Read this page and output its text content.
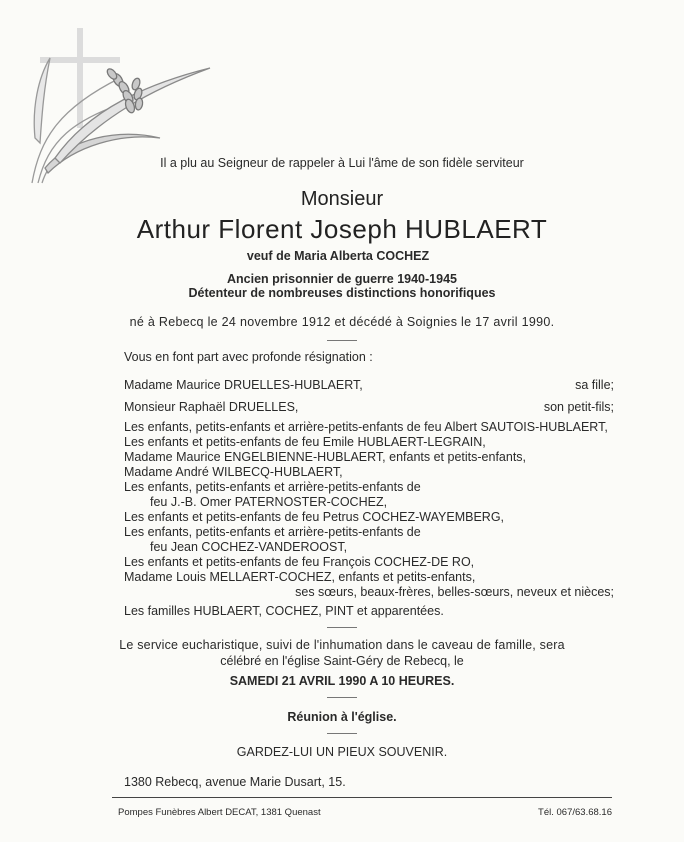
Il a plu au Seigneur de rappeler à Lui l'âme de son fidèle serviteur
Monsieur
Arthur Florent Joseph HUBLAERT
veuf de Maria Alberta COCHEZ
Ancien prisonnier de guerre 1940-1945
Détenteur de nombreuses distinctions honorifiques
né à Rebecq le 24 novembre 1912 et décédé à Soignies le 17 avril 1990.
Vous en font part avec profonde résignation :
Madame Maurice DRUELLES-HUBLAERT,	sa fille;
Monsieur Raphaël DRUELLES,	son petit-fils;
Les enfants, petits-enfants et arrière-petits-enfants de feu Albert SAUTOIS-HUBLAERT,
Les enfants et petits-enfants de feu Emile HUBLAERT-LEGRAIN,
Madame Maurice ENGELBIENNE-HUBLAERT, enfants et petits-enfants,
Madame André WILBECQ-HUBLAERT,
Les enfants, petits-enfants et arrière-petits-enfants de
feu J.-B. Omer PATERNOSTER-COCHEZ,
Les enfants et petits-enfants de feu Petrus COCHEZ-WAYEMBERG,
Les enfants, petits-enfants et arrière-petits-enfants de
feu Jean COCHEZ-VANDEROOST,
Les enfants et petits-enfants de feu François COCHEZ-DE RO,
Madame Louis MELLAERT-COCHEZ, enfants et petits-enfants,
ses sœurs, beaux-frères, belles-sœurs, neveux et nièces;
Les familles HUBLAERT, COCHEZ, PINT et apparentées.
Le service eucharistique, suivi de l'inhumation dans le caveau de famille, sera
célébré en l'église Saint-Géry de Rebecq, le
SAMEDI 21 AVRIL 1990 A 10 HEURES.
Réunion à l'église.
GARDEZ-LUI UN PIEUX SOUVENIR.
1380 Rebecq, avenue Marie Dusart, 15.
Pompes Funèbres Albert DECAT, 1381 Quenast	Tél. 067/63.68.16
